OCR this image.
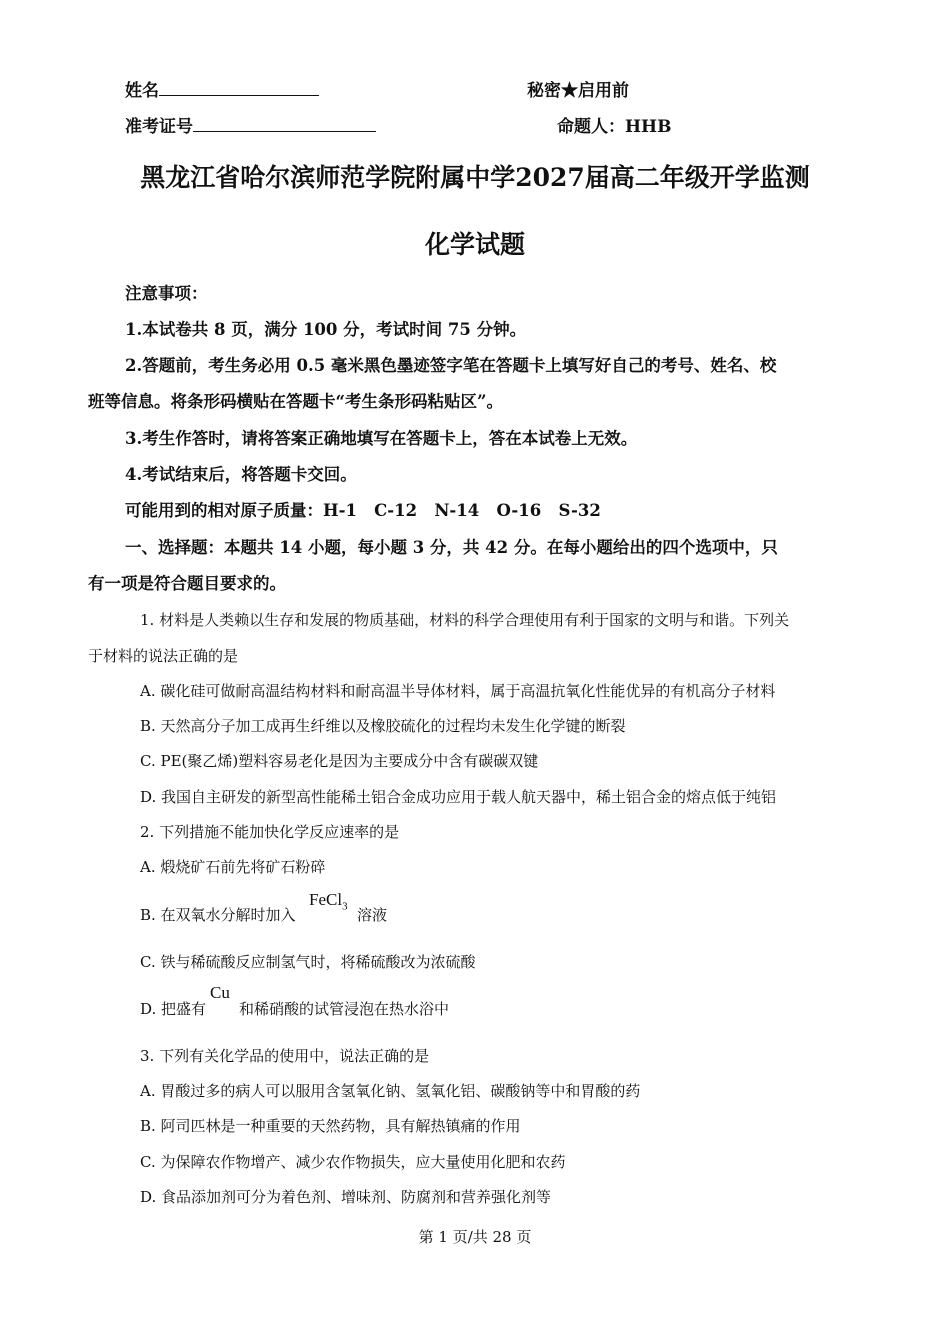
姓名	秘密★启用前
准考证号	命题人：HHB
黑龙江省哈尔滨师范学院附属中学2027届高二年级开学监测
化学试题
注意事项：
1.本试卷共 8 页，满分 100 分，考试时间 75 分钟。
2.答题前，考生务必用 0.5 毫米黑色墨迹签字笔在答题卡上填写好自己的考号、姓名、校
班等信息。将条形码横贴在答题卡“考生条形码粘贴区”。
3.考生作答时，请将答案正确地填写在答题卡上，答在本试卷上无效。
4.考试结束后，将答题卡交回。
可能用到的相对原子质量：H-1   C-12   N-14   O-16   S-32
一、选择题：本题共 14 小题，每小题 3 分，共 42 分。在每小题给出的四个选项中，只
有一项是符合题目要求的。
1. 材料是人类赖以生存和发展的物质基础，材料的科学合理使用有利于国家的文明与和谐。下列关
于材料的说法正确的是
A. 碳化硅可做耐高温结构材料和耐高温半导体材料，属于高温抗氧化性能优异的有机高分子材料
B. 天然高分子加工成再生纤维以及橡胶硫化的过程均未发生化学键的断裂
C. PE(聚乙烯)塑料容易老化是因为主要成分中含有碳碳双键
D. 我国自主研发的新型高性能稀土铝合金成功应用于载人航天器中，稀土铝合金的熔点低于纯铝
2. 下列措施不能加快化学反应速率的是
A. 煅烧矿石前先将矿石粉碎
B. 在双氧水分解时加入
FeCl$_3$ 溶液
C. 铁与稀硫酸反应制氢气时，将稀硫酸改为浓硫酸
D. 把盛有
Cu
和稀硝酸的试管浸泡在热水浴中
3. 下列有关化学品的使用中，说法正确的是
A. 胃酸过多的病人可以服用含氢氧化钠、氢氧化铝、碳酸钠等中和胃酸的药
B. 阿司匹林是一种重要的天然药物，具有解热镇痛的作用
C. 为保障农作物增产、减少农作物损失，应大量使用化肥和农药
D. 食品添加剂可分为着色剂、增味剂、防腐剂和营养强化剂等
第 1 页/共 28 页
